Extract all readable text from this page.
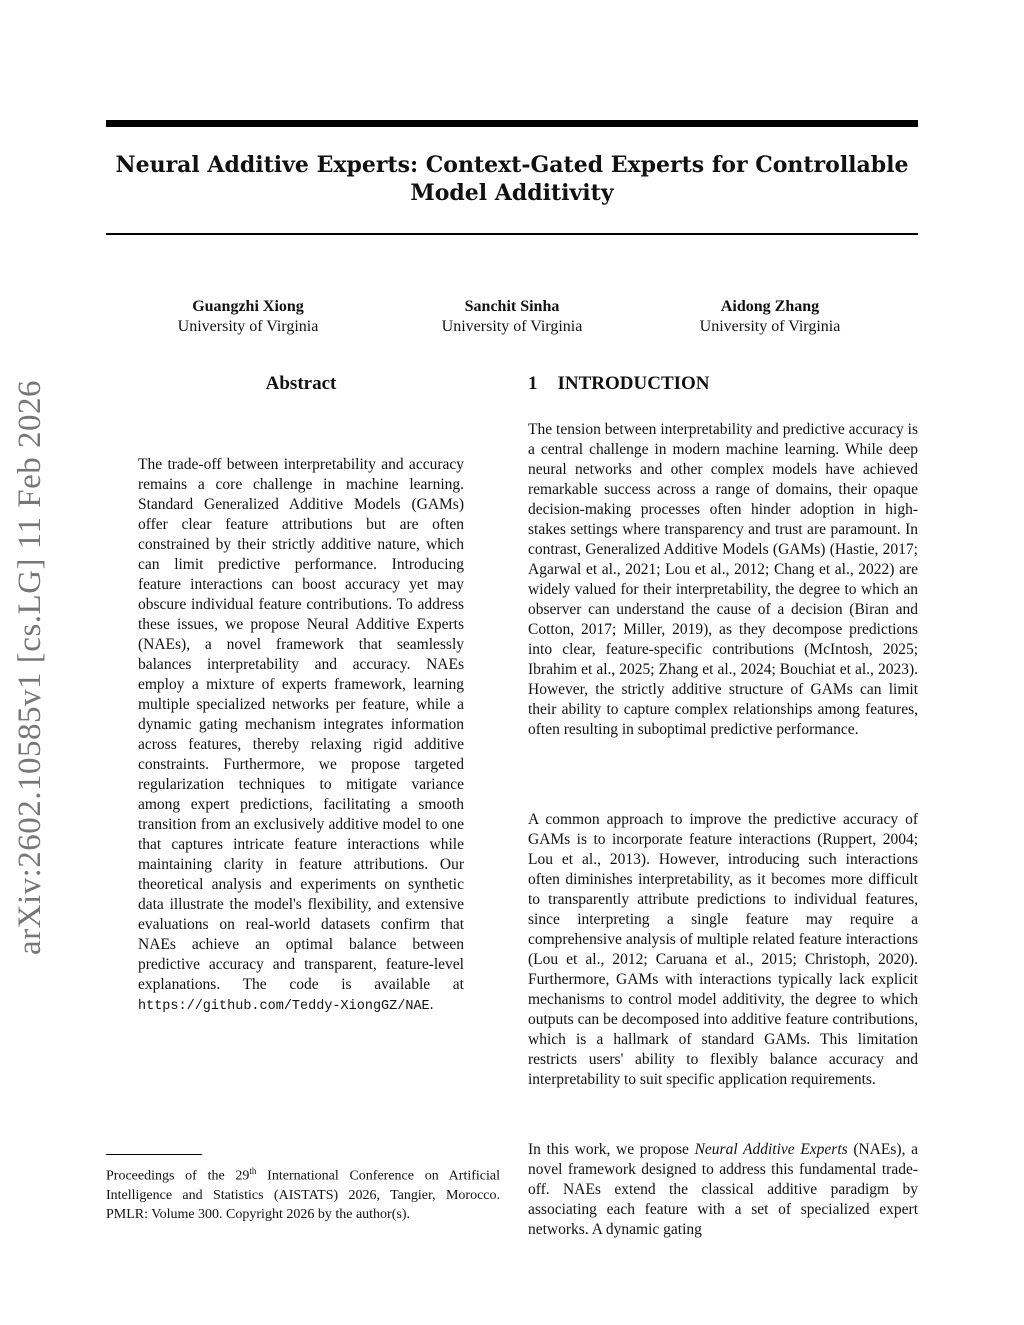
Neural Additive Experts: Context-Gated Experts for Controllable Model Additivity
Guangzhi Xiong
University of Virginia
Sanchit Sinha
University of Virginia
Aidong Zhang
University of Virginia
arXiv:2602.10585v1 [cs.LG] 11 Feb 2026	Abstract

The trade-off between interpretability and accuracy remains a core challenge in machine learning. Standard Generalized Additive Models (GAMs) offer clear feature attributions but are often constrained by their strictly additive nature, which can limit predictive performance. Introducing feature interactions can boost accuracy yet may obscure individual feature contributions. To address these issues, we propose Neural Additive Experts (NAEs), a novel framework that seamlessly balances interpretability and accuracy. NAEs employ a mixture of experts framework, learning multiple specialized networks per feature, while a dynamic gating mechanism integrates information across features, thereby relaxing rigid additive constraints. Furthermore, we propose targeted regularization techniques to mitigate variance among expert predictions, facilitating a smooth transition from an exclusively additive model to one that captures intricate feature interactions while maintaining clarity in feature attributions. Our theoretical analysis and experiments on synthetic data illustrate the model's flexibility, and extensive evaluations on real-world datasets confirm that NAEs achieve an optimal balance between predictive accuracy and transparent, feature-level explanations. The code is available at https://github.com/Teddy-XiongGZ/NAE.

1 INTRODUCTION

The tension between interpretability and predictive accuracy is a central challenge in modern machine learning. While deep neural networks and other complex models have achieved remarkable success across a range of domains, their opaque decision-making processes often hinder adoption in high-stakes settings where transparency and trust are paramount. In contrast, Generalized Additive Models (GAMs) (Hastie, 2017; Agarwal et al., 2021; Lou et al., 2012; Chang et al., 2022) are widely valued for their interpretability, the degree to which an observer can understand the cause of a decision (Biran and Cotton, 2017; Miller, 2019), as they decompose predictions into clear, feature-specific contributions (McIntosh, 2025; Ibrahim et al., 2025; Zhang et al., 2024; Bouchiat et al., 2023). However, the strictly additive structure of GAMs can limit their ability to capture complex relationships among features, often resulting in suboptimal predictive performance.

A common approach to improve the predictive accuracy of GAMs is to incorporate feature interactions (Ruppert, 2004; Lou et al., 2013). However, introducing such interactions often diminishes interpretability, as it becomes more difficult to transparently attribute predictions to individual features, since interpreting a single feature may require a comprehensive analysis of multiple related feature interactions (Lou et al., 2012; Caruana et al., 2015; Christoph, 2020). Furthermore, GAMs with interactions typically lack explicit mechanisms to control model additivity, the degree to which outputs can be decomposed into additive feature contributions, which is a hallmark of standard GAMs. This limitation restricts users' ability to flexibly balance accuracy and interpretability to suit specific application requirements.

In this work, we propose Neural Additive Experts (NAEs), a novel framework designed to address this fundamental trade-off. NAEs extend the classical additive paradigm by associating each feature with a set of specialized expert networks. A dynamic gating

Proceedings of the 29th International Conference on Artificial Intelligence and Statistics (AISTATS) 2026, Tangier, Morocco. PMLR: Volume 300. Copyright 2026 by the author(s).
